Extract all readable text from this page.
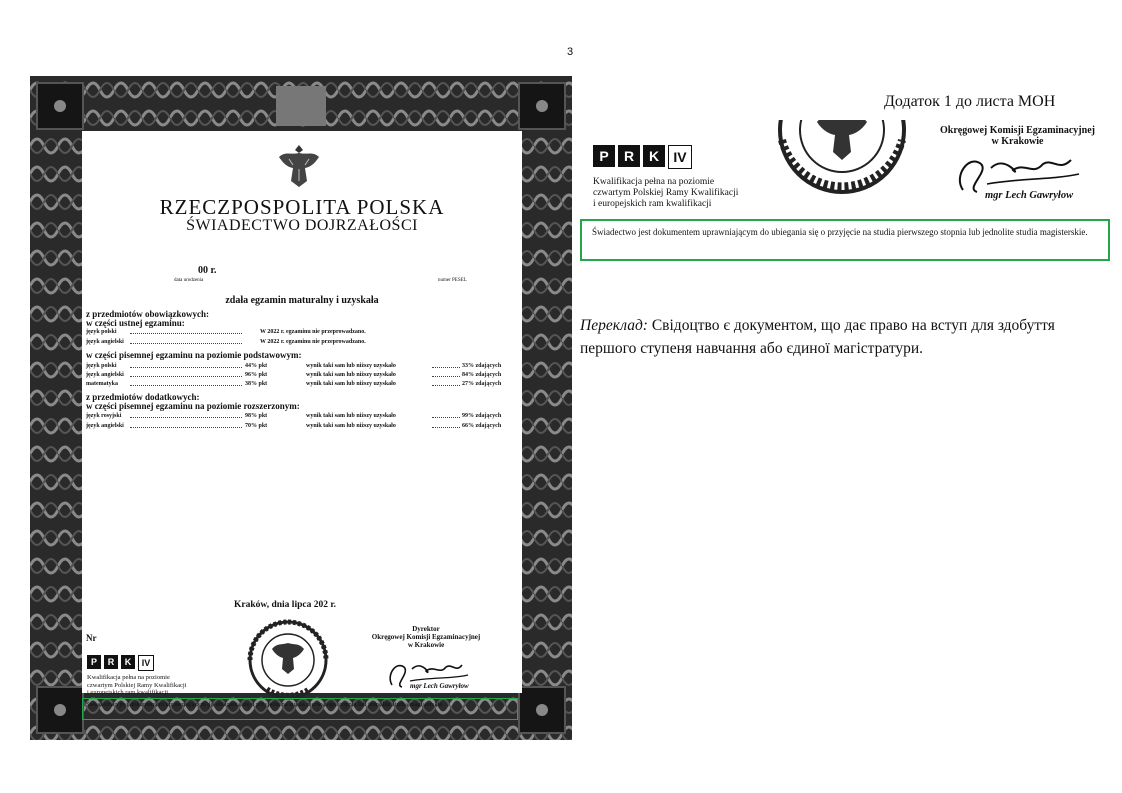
3
Додаток 1 до листа МОН
RZECZPOSPOLITA POLSKA
ŚWIADECTWO DOJRZAŁOŚCI
00 r.
data urodzenia	numer PESEL
zdała egzamin maturalny i uzyskała
z przedmiotów obowiązkowych:
w części ustnej egzaminu:
język polski	W 2022 r. egzaminu nie przeprowadzano.
język angielski	W 2022 r. egzaminu nie przeprowadzano.
w części pisemnej egzaminu na poziomie podstawowym:
język polski	44% pkt	wynik taki sam lub niższy uzyskało	33% zdających
język angielski	96% pkt	wynik taki sam lub niższy uzyskało	84% zdających
matematyka	38% pkt	wynik taki sam lub niższy uzyskało	27% zdających
z przedmiotów dodatkowych:
w części pisemnej egzaminu na poziomie rozszerzonym:
język rosyjski	98% pkt	wynik taki sam lub niższy uzyskało	99% zdających
język angielski	70% pkt	wynik taki sam lub niższy uzyskało	66% zdających
Kraków, dnia lipca 202 r.
Nr
Dyrektor
Okręgowej Komisji Egzaminacyjnej
w Krakowie
mgr Lech Gawryłow
P	R	K	IV
Kwalifikacja pełna na poziomie
czwartym Polskiej Ramy Kwalifikacji
i europejskich ram kwalifikacji
Świadectwo jest dokumentem uprawniającym do ubiegania się o przyjęcie na studia pierwszego stopnia lub jednolite studia magisterskie.
P	R	K	IV
Kwalifikacja pełna na poziomie
czwartym Polskiej Ramy Kwalifikacji
i europejskich ram kwalifikacji
Okręgowej Komisji Egzaminacyjnej
w Krakowie
mgr Lech Gawryłow
Świadectwo jest dokumentem uprawniającym do ubiegania się o przyjęcie na studia pierwszego stopnia lub jednolite studia magisterskie.
Переклад: Свідоцтво є документом, що дає право на вступ для здобуття першого ступеня навчання або єдиної магістратури.
